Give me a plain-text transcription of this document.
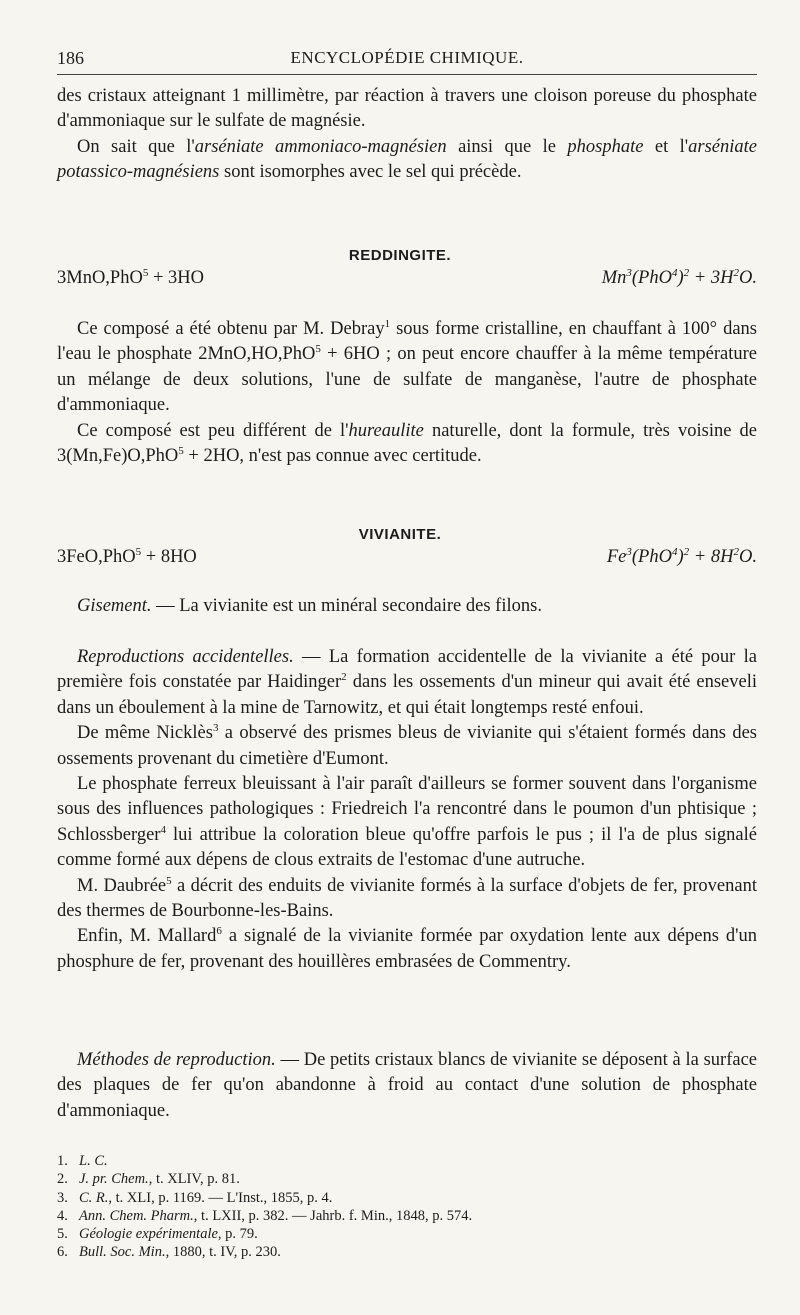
186	ENCYCLOPÉDIE CHIMIQUE.

des cristaux atteignant 1 millimètre, par réaction à travers une cloison poreuse du phosphate d'ammoniaque sur le sulfate de magnésie.

On sait que l'arséniate ammoniaco-magnésien ainsi que le phosphate et l'arséniate potassico-magnésiens sont isomorphes avec le sel qui précède.

REDDINGITE.
3MnO,PhO$^5$ + 3HO	$Mn^3(PhO^4)^2 + 3H^2O$.

Ce composé a été obtenu par M. Debray$^1$ sous forme cristalline, en chauffant à 100° dans l'eau le phosphate 2MnO,HO,PhO$^5$ + 6HO ; on peut encore chauffer à la même température un mélange de deux solutions, l'une de sulfate de manganèse, l'autre de phosphate d'ammoniaque.

Ce composé est peu différent de l'hureaulite naturelle, dont la formule, très voisine de 3(Mn,Fe)O,PhO$^5$ + 2HO, n'est pas connue avec certitude.

VIVIANITE.
3FeO,PhO$^5$ + 8HO	$Fe^3(PhO^4)^2 + 8H^2O$.

Gisement. — La vivianite est un minéral secondaire des filons.

Reproductions accidentelles. — La formation accidentelle de la vivianite a été pour la première fois constatée par Haidinger$^2$ dans les ossements d'un mineur qui avait été enseveli dans un éboulement à la mine de Tarnowitz, et qui était longtemps resté enfoui.

De même Nicklès$^3$ a observé des prismes bleus de vivianite qui s'étaient formés dans des ossements provenant du cimetière d'Eumont.

Le phosphate ferreux bleuissant à l'air paraît d'ailleurs se former souvent dans l'organisme sous des influences pathologiques : Friedreich l'a rencontré dans le poumon d'un phtisique ; Schlossberger$^4$ lui attribue la coloration bleue qu'offre parfois le pus ; il l'a de plus signalé comme formé aux dépens de clous extraits de l'estomac d'une autruche.

M. Daubrée$^5$ a décrit des enduits de vivianite formés à la surface d'objets de fer, provenant des thermes de Bourbonne-les-Bains.

Enfin, M. Mallard$^6$ a signalé de la vivianite formée par oxydation lente aux dépens d'un phosphure de fer, provenant des houillères embrasées de Commentry.

Méthodes de reproduction. — De petits cristaux blancs de vivianite se déposent à la surface des plaques de fer qu'on abandonne à froid au contact d'une solution de phosphate d'ammoniaque.

1. L. C.
2. J. pr. Chem., t. XLIV, p. 81.
3. C. R., t. XLI, p. 1169. — L'Inst., 1855, p. 4.
4. Ann. Chem. Pharm., t. LXII, p. 382. — Jahrb. f. Min., 1848, p. 574.
5. Géologie expérimentale, p. 79.
6. Bull. Soc. Min., 1880, t. IV, p. 230.
